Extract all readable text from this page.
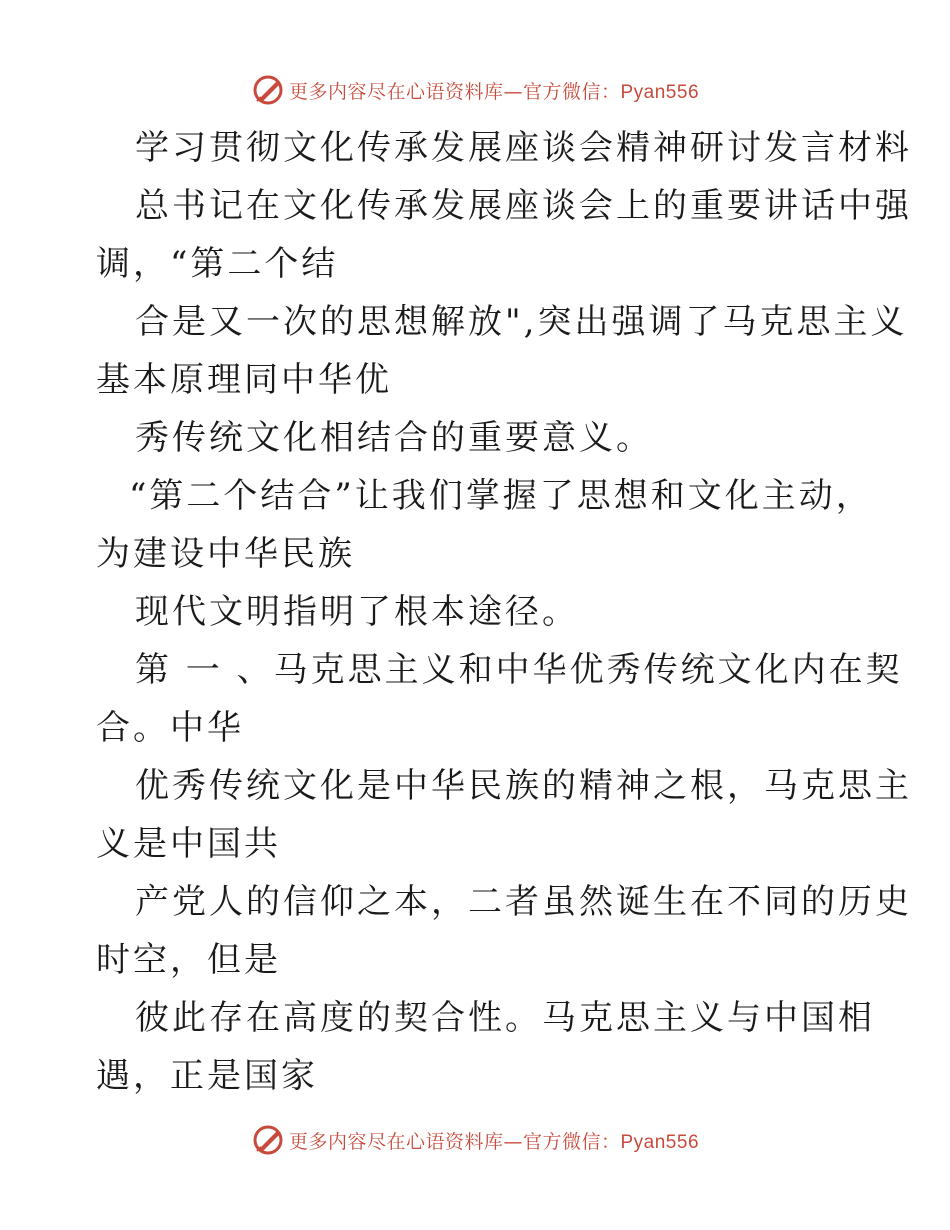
更多内容尽在心语资料库—官方微信：Pyan556
学习贯彻文化传承发展座谈会精神研讨发言材料
总书记在文化传承发展座谈会上的重要讲话中强
调，“第二个结
合是又一次的思想解放",突出强调了马克思主义
基本原理同中华优
秀传统文化相结合的重要意义。
“第二个结合”让我们掌握了思想和文化主动，
为建设中华民族
现代文明指明了根本途径。
第 一 、马克思主义和中华优秀传统文化内在契
合。中华
优秀传统文化是中华民族的精神之根，马克思主
义是中国共
产党人的信仰之本，二者虽然诞生在不同的历史
时空，但是
彼此存在高度的契合性。马克思主义与中国相
遇，正是国家
更多内容尽在心语资料库—官方微信：Pyan556
